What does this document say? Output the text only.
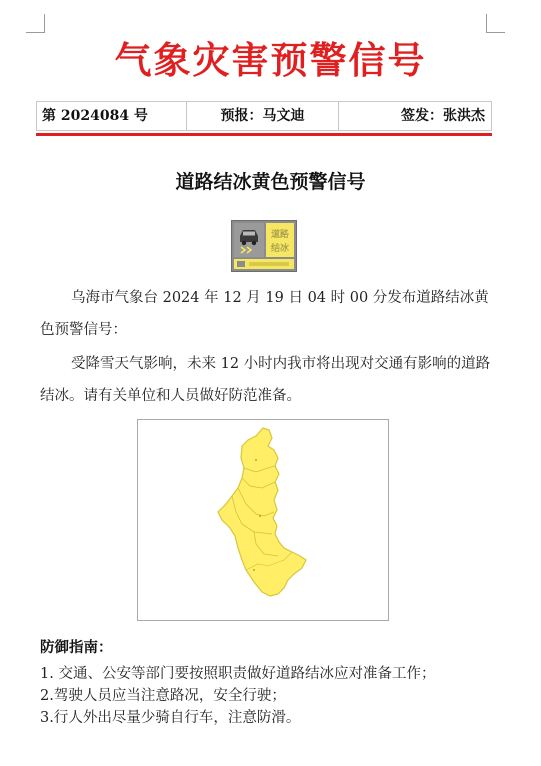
气象灾害预警信号
第 2024084 号	预报：马文迪	签发：张洪杰
道路结冰黄色预警信号
道路
结冰
乌海市气象台 2024 年 12 月 19 日 04 时 00 分发布道路结冰黄色预警信号：
受降雪天气影响，未来 12 小时内我市将出现对交通有影响的道路结冰。请有关单位和人员做好防范准备。
防御指南：
1. 交通、公安等部门要按照职责做好道路结冰应对准备工作；
2.驾驶人员应当注意路况，安全行驶；
3.行人外出尽量少骑自行车，注意防滑。
